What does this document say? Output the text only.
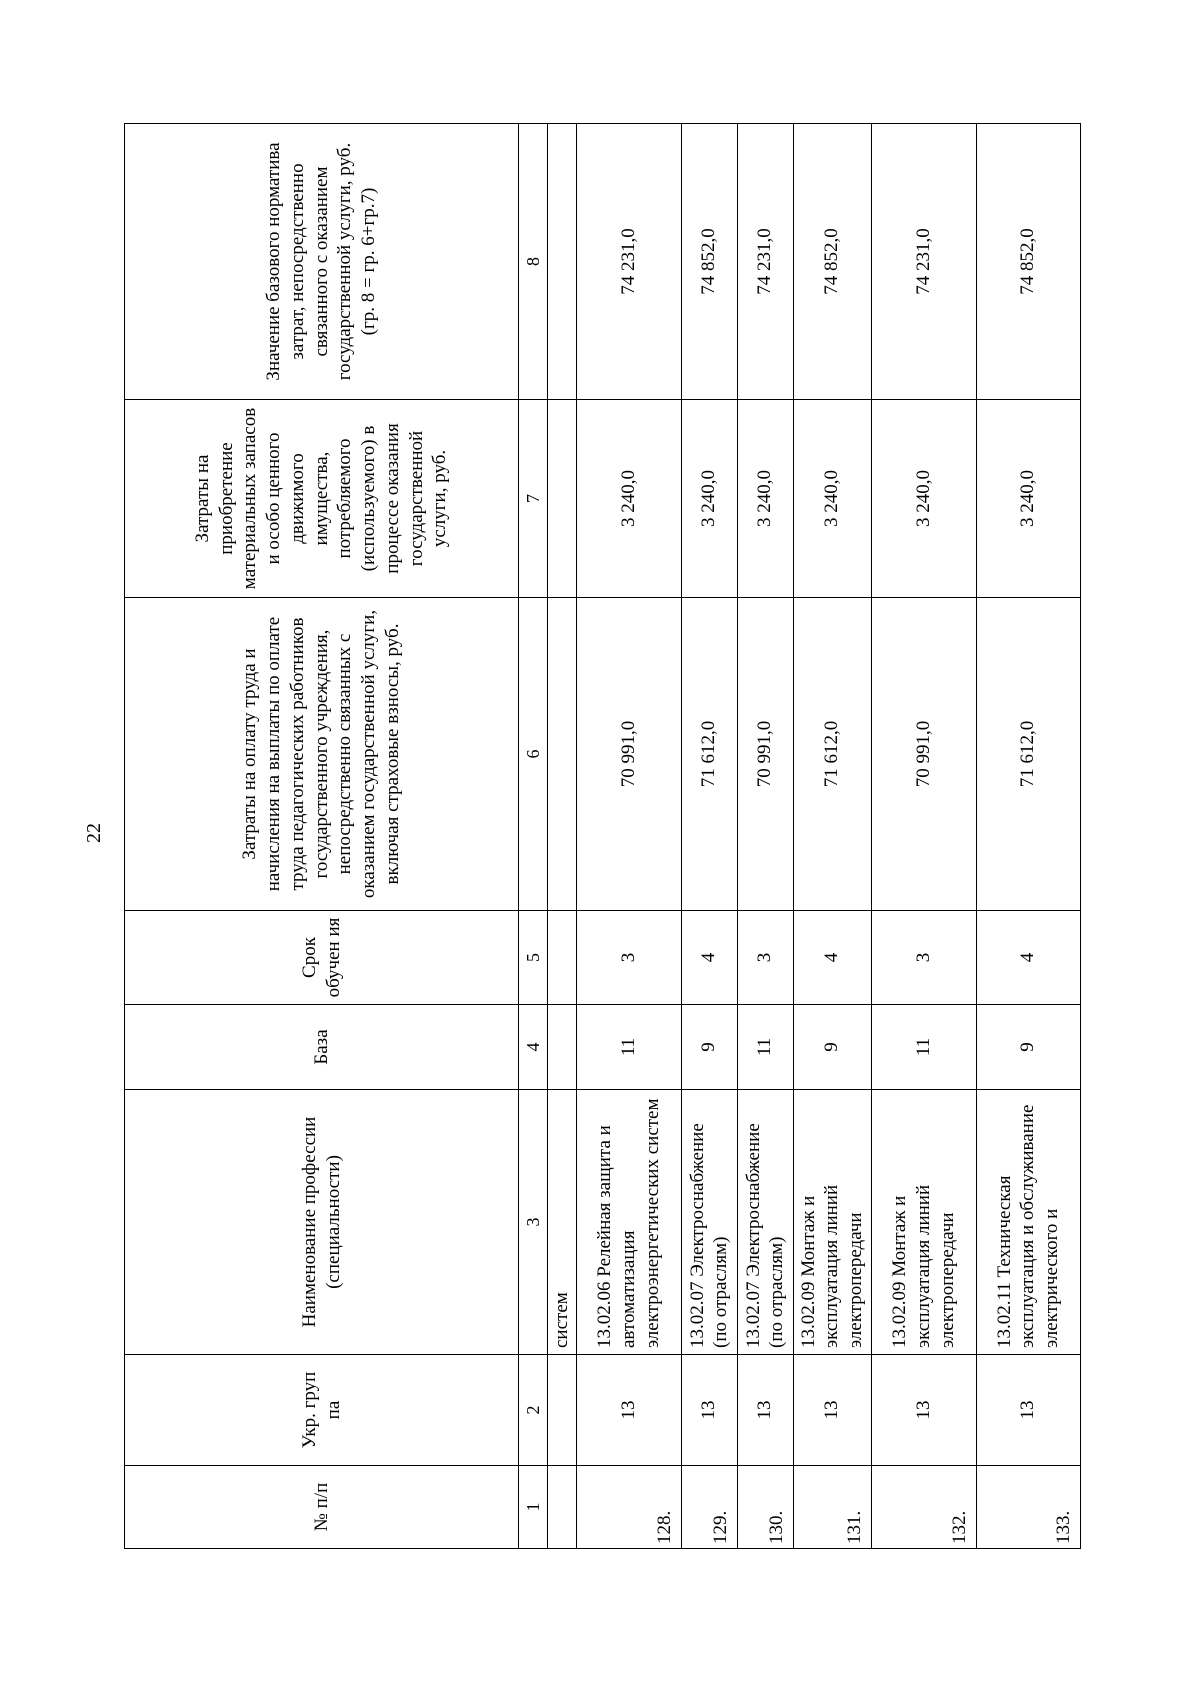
22
№ п/п	Укр. груп па	Наименование профессии (специальности)	База	Срок обучен ия	Затраты на оплату труда и начисления на выплаты по оплате труда педагогических работников государственного учреждения, непосредственно связанных с оказанием государственной услуги, включая страховые взносы, руб.	Затраты на приобретение материальных запасов и особо ценного движимого имущества, потребляемого (используемого) в процессе оказания государственной услуги, руб.	Значение базового норматива затрат, непосредственно связанного с оказанием государственной услуги, руб. (гр. 8 = гр. 6+гр.7)
1	2	3	4	5	6	7	8
		систем					
128.	13	13.02.06 Релейная защита и автоматизация электроэнергетических систем	11	3	70 991,0	3 240,0	74 231,0
129.	13	13.02.07 Электроснабжение (по отраслям)	9	4	71 612,0	3 240,0	74 852,0
130.	13	13.02.07 Электроснабжение (по отраслям)	11	3	70 991,0	3 240,0	74 231,0
131.	13	13.02.09 Монтаж и эксплуатация линий электропередачи	9	4	71 612,0	3 240,0	74 852,0
132.	13	13.02.09 Монтаж и эксплуатация линий электропередачи	11	3	70 991,0	3 240,0	74 231,0
133.	13	13.02.11 Техническая эксплуатация и обслуживание электрического и	9	4	71 612,0	3 240,0	74 852,0
